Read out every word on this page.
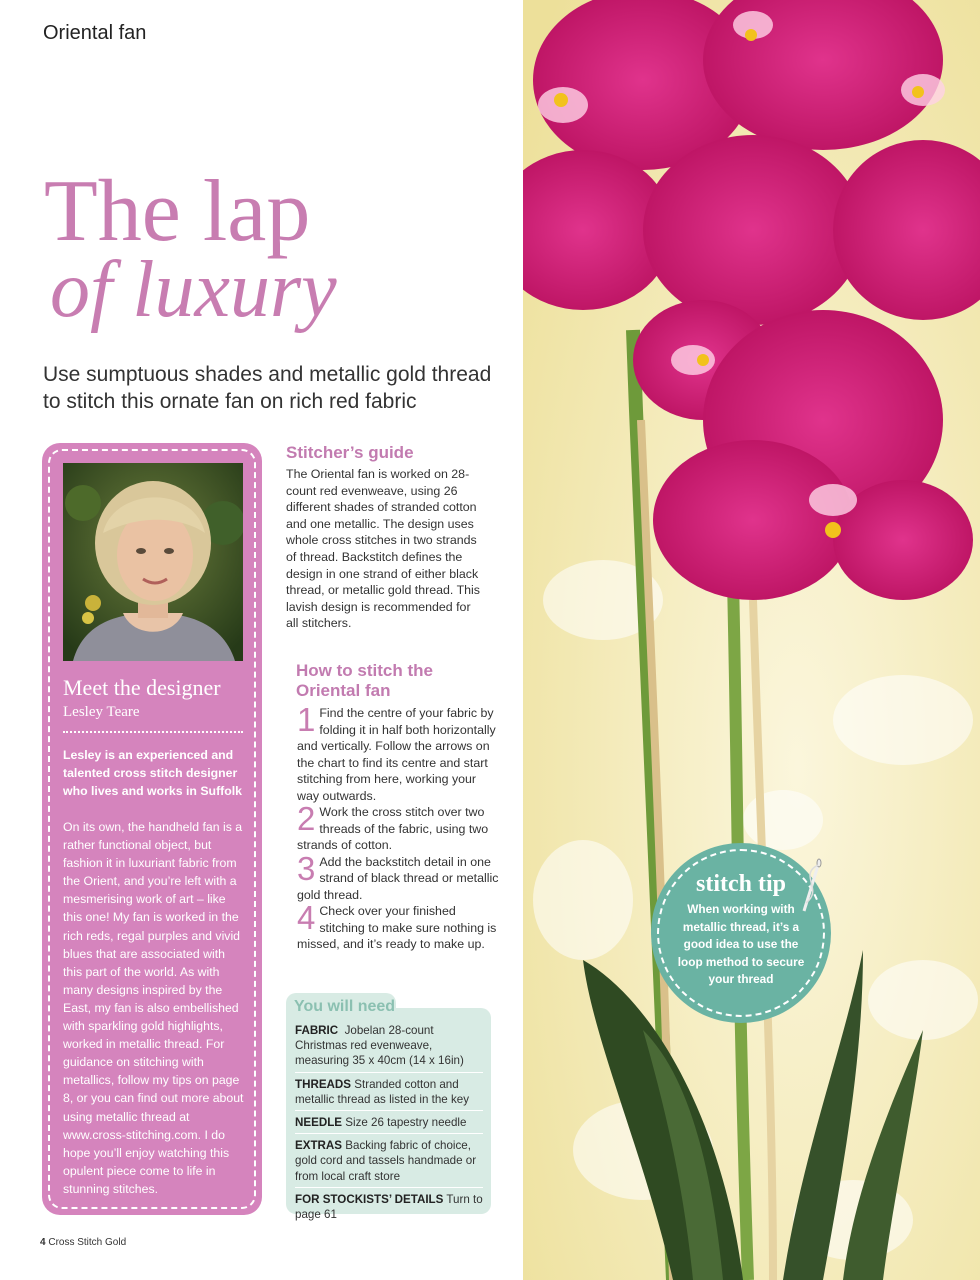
Oriental fan
The lap
of luxury
Use sumptuous shades and metallic gold thread to stitch this ornate fan on rich red fabric
Meet the designer
Lesley Teare
Lesley is an experienced and talented cross stitch designer who lives and works in Suffolk
On its own, the handheld fan is a rather functional object, but fashion it in luxuriant fabric from the Orient, and you’re left with a mesmerising work of art – like this one! My fan is worked in the rich reds, regal purples and vivid blues that are associated with this part of the world. As with many designs inspired by the East, my fan is also embellished with sparkling gold highlights, worked in metallic thread. For guidance on stitching with metallics, follow my tips on page 8, or you can find out more about using metallic thread at www.cross-stitching.com. I do hope you’ll enjoy watching this opulent piece come to life in stunning stitches.
Stitcher’s guide
The Oriental fan is worked on 28-count red evenweave, using 26 different shades of stranded cotton and one metallic. The design uses whole cross stitches in two strands of thread. Backstitch defines the design in one strand of either black thread, or metallic gold thread. This lavish design is recommended for all stitchers.
How to stitch the Oriental fan

1 Find the centre of your fabric by folding it in half both horizontally and vertically. Follow the arrows on the chart to find its centre and start stitching from here, working your way outwards.

2 Work the cross stitch over two threads of the fabric, using two strands of cotton.

3 Add the backstitch detail in one strand of black thread or metallic gold thread.

4 Check over your finished stitching to make sure nothing is missed, and it’s ready to make up.

You will need
FABRIC Jobelan 28-count Christmas red evenweave, measuring 35 x 40cm (14 x 16in)
THREADS Stranded cotton and metallic thread as listed in the key
NEEDLE Size 26 tapestry needle
EXTRAS Backing fabric of choice, gold cord and tassels handmade or from local craft store
FOR STOCKISTS’ DETAILS Turn to page 61
4 Cross Stitch Gold
stitch tip
When working with metallic thread, it’s a good idea to use the loop method to secure your thread
